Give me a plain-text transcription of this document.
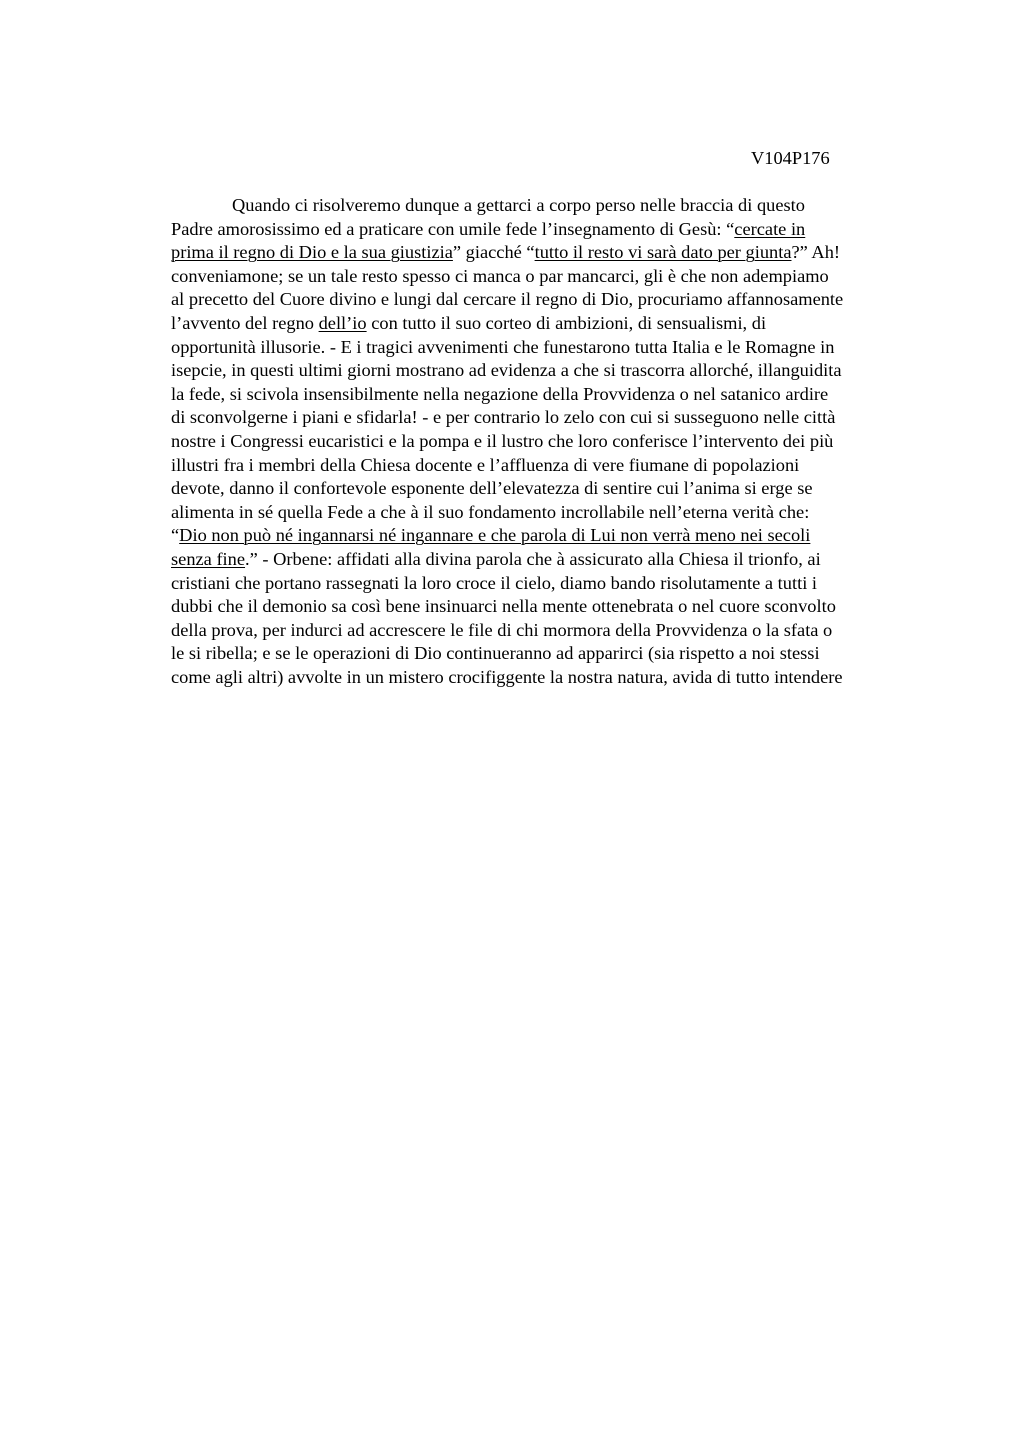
V104P176
Quando ci risolveremo dunque a gettarci a corpo perso nelle braccia di questo
Padre amorosissimo ed a praticare con umile fede l’insegnamento di Gesù: “cercate in
prima il regno di Dio e la sua giustizia” giacché “tutto il resto vi sarà dato per giunta?” Ah!
conveniamone; se un tale resto spesso ci manca o par mancarci, gli è che non adempiamo
al precetto del Cuore divino e lungi dal cercare il regno di Dio, procuriamo affannosamente
l’avvento del regno dell’io con tutto il suo corteo di ambizioni, di sensualismi, di
opportunità illusorie. - E i tragici avvenimenti che funestarono tutta Italia e le Romagne in
isepcie, in questi ultimi giorni mostrano ad evidenza a che si trascorra allorché, illanguidita
la fede, si scivola insensibilmente nella negazione della Provvidenza o nel satanico ardire
di sconvolgerne i piani e sfidarla! - e per contrario lo zelo con cui si susseguono nelle città
nostre i Congressi eucaristici e la pompa e il lustro che loro conferisce l’intervento dei più
illustri fra i membri della Chiesa docente e l’affluenza di vere fiumane di popolazioni
devote, danno il confortevole esponente dell’elevatezza di sentire cui l’anima si erge se
alimenta in sé quella Fede a che à il suo fondamento incrollabile nell’eterna verità che:
“Dio non può né ingannarsi né ingannare e che parola di Lui non verrà meno nei secoli
senza fine.” - Orbene: affidati alla divina parola che à assicurato alla Chiesa il trionfo, ai
cristiani che portano rassegnati la loro croce il cielo, diamo bando risolutamente a tutti i
dubbi che il demonio sa così bene insinuarci nella mente ottenebrata o nel cuore sconvolto
della prova, per indurci ad accrescere le file di chi mormora della Provvidenza o la sfata o
le si ribella; e se le operazioni di Dio continueranno ad apparirci (sia rispetto a noi stessi
come agli altri) avvolte in un mistero crocifiggente la nostra natura, avida di tutto intendere
